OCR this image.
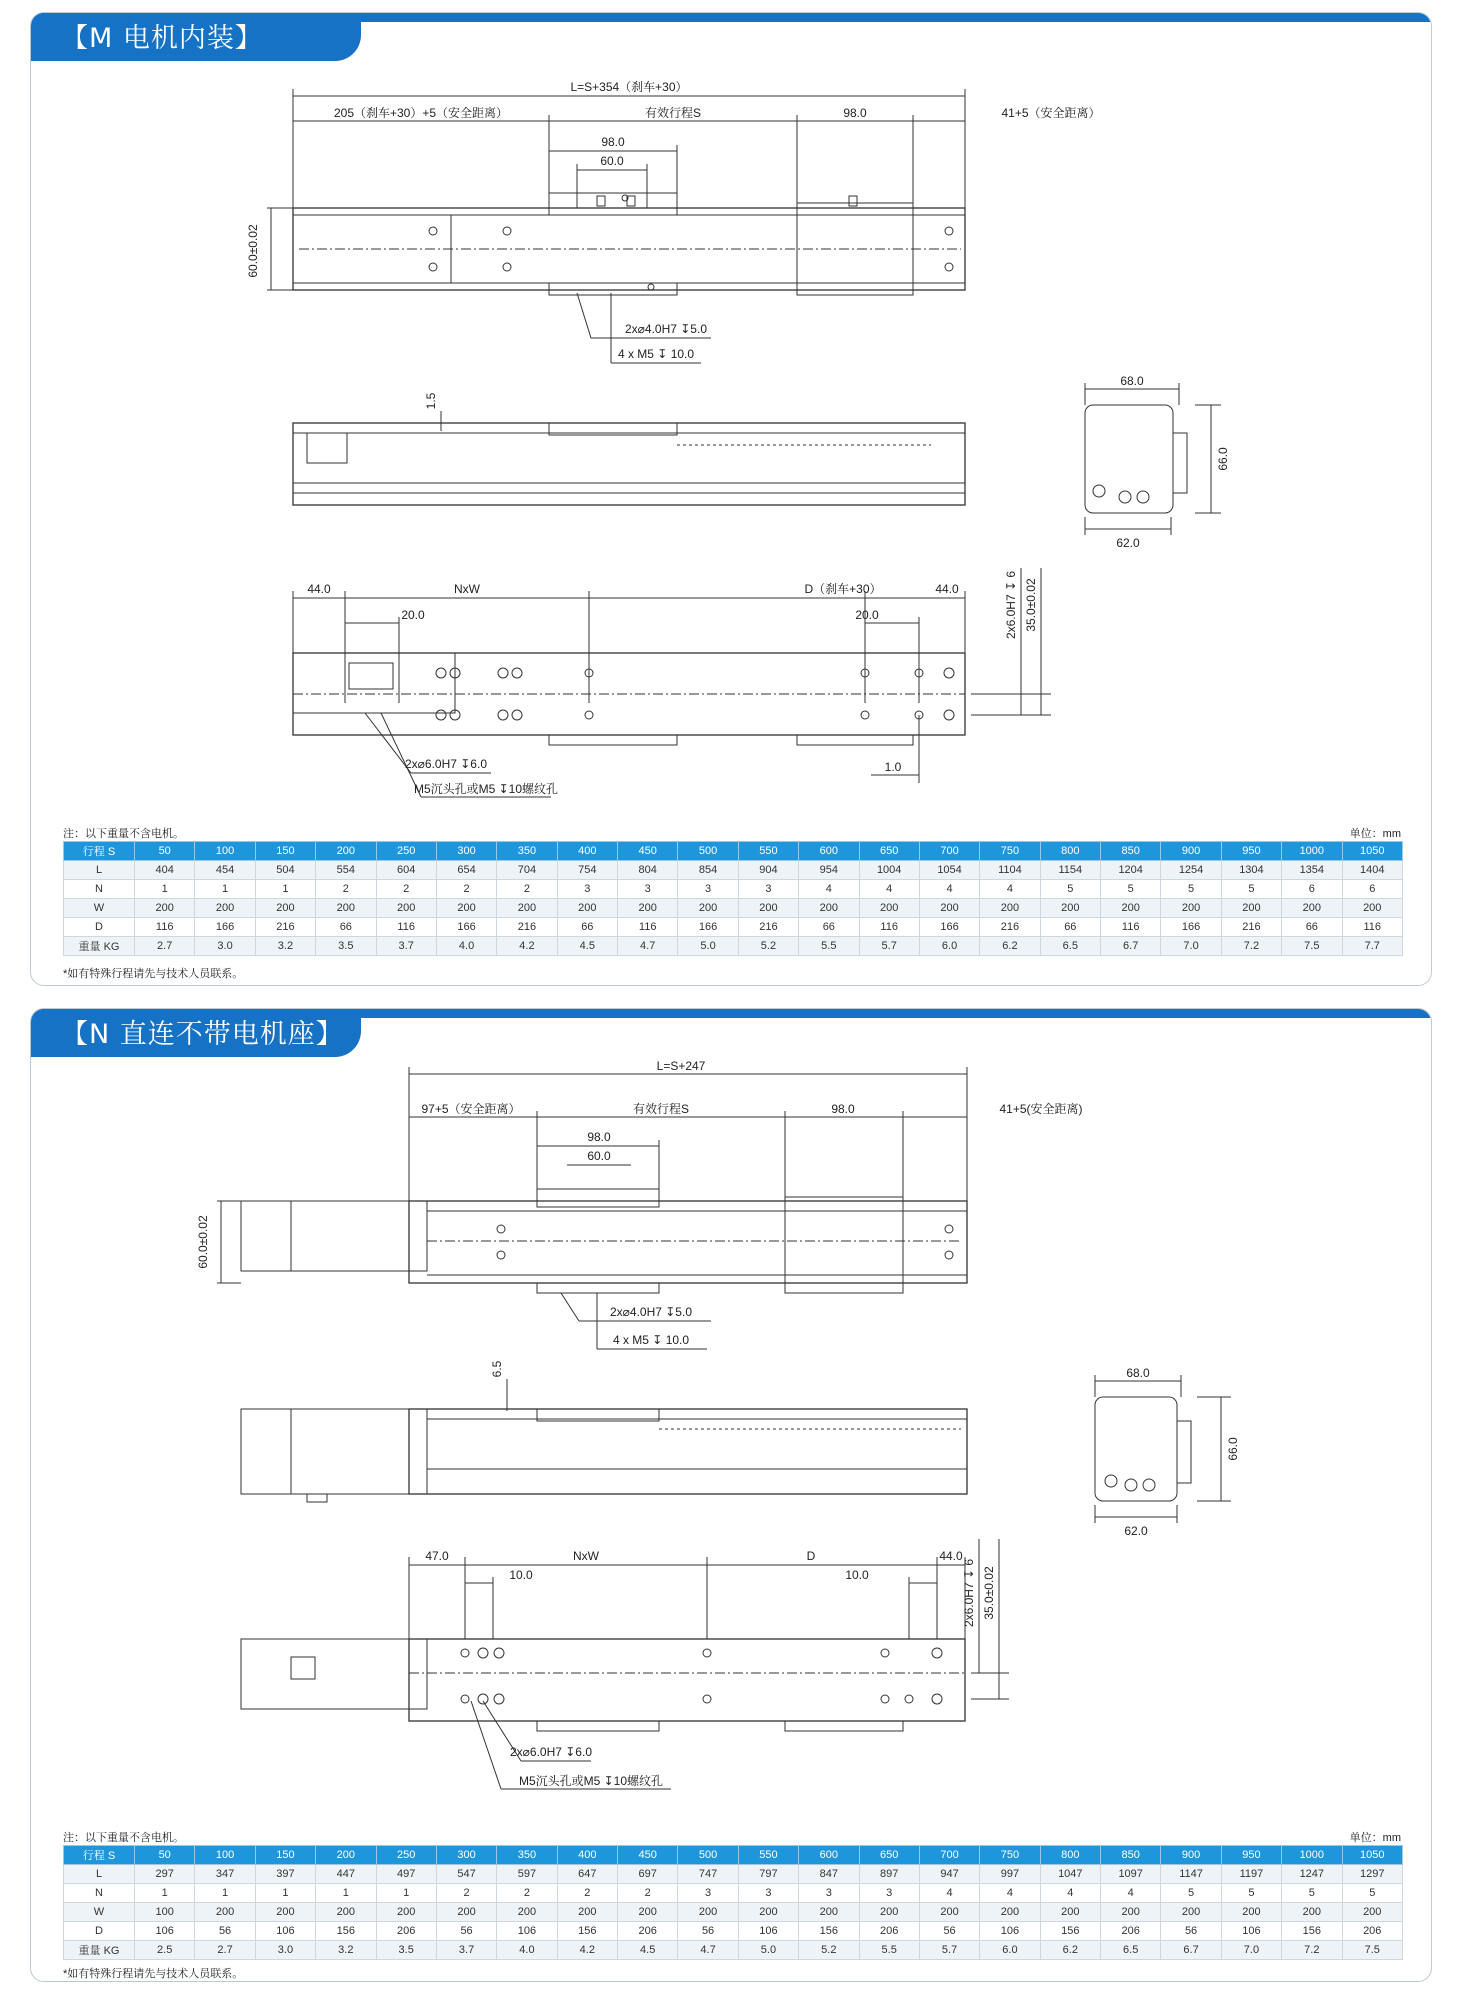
【M 电机内装】
L=S+354（刹车+30）
205（刹车+30）+5（安全距离）	有效行程S	98.0	41+5（安全距离）
98.0
60.0
60.0±0.02
2x⌀4.0H7 ↧5.0
4 x M5 ↧ 10.0
1.5
68.0
66.0
62.0
44.0	NxW	D（刹车+30）	44.0
20.0	20.0	2x6.0H7 ↧ 6 35.0±0.02
2x⌀6.0H7 ↧6.0
M5沉头孔或M5 ↧10螺纹孔
1.0
注：以下重量不含电机。	单位：mm
行程 S	50	100	150	200	250	300	350	400	450	500	550	600	650	700	750	800	850	900	950	1000	1050
L	404	454	504	554	604	654	704	754	804	854	904	954	1004	1054	1104	1154	1204	1254	1304	1354	1404
N	1	1	1	2	2	2	2	3	3	3	3	4	4	4	4	5	5	5	5	6	6
W	200	200	200	200	200	200	200	200	200	200	200	200	200	200	200	200	200	200	200	200	200
D	116	166	216	66	116	166	216	66	116	166	216	66	116	166	216	66	116	166	216	66	116
重量 KG	2.7	3.0	3.2	3.5	3.7	4.0	4.2	4.5	4.7	5.0	5.2	5.5	5.7	6.0	6.2	6.5	6.7	7.0	7.2	7.5	7.7
*如有特殊行程请先与技术人员联系。
【N 直连不带电机座】
L=S+247
97+5（安全距离）	有效行程S	98.0	41+5(安全距离)
98.0
60.0
60.0±0.02
2x⌀4.0H7 ↧5.0
4 x M5 ↧ 10.0
6.5	68.0
66.0
62.0
47.0	NxW	D	44.0
10.0	10.0	2x6.0H7 ↧ 6 35.0±0.02
2x⌀6.0H7 ↧6.0
M5沉头孔或M5 ↧10螺纹孔
注：以下重量不含电机。	单位：mm
行程 S	50	100	150	200	250	300	350	400	450	500	550	600	650	700	750	800	850	900	950	1000	1050
L	297	347	397	447	497	547	597	647	697	747	797	847	897	947	997	1047	1097	1147	1197	1247	1297
N	1	1	1	1	1	2	2	2	2	3	3	3	3	4	4	4	4	5	5	5	5
W	100	200	200	200	200	200	200	200	200	200	200	200	200	200	200	200	200	200	200	200	200
D	106	56	106	156	206	56	106	156	206	56	106	156	206	56	106	156	206	56	106	156	206
重量 KG	2.5	2.7	3.0	3.2	3.5	3.7	4.0	4.2	4.5	4.7	5.0	5.2	5.5	5.7	6.0	6.2	6.5	6.7	7.0	7.2	7.5
*如有特殊行程请先与技术人员联系。
